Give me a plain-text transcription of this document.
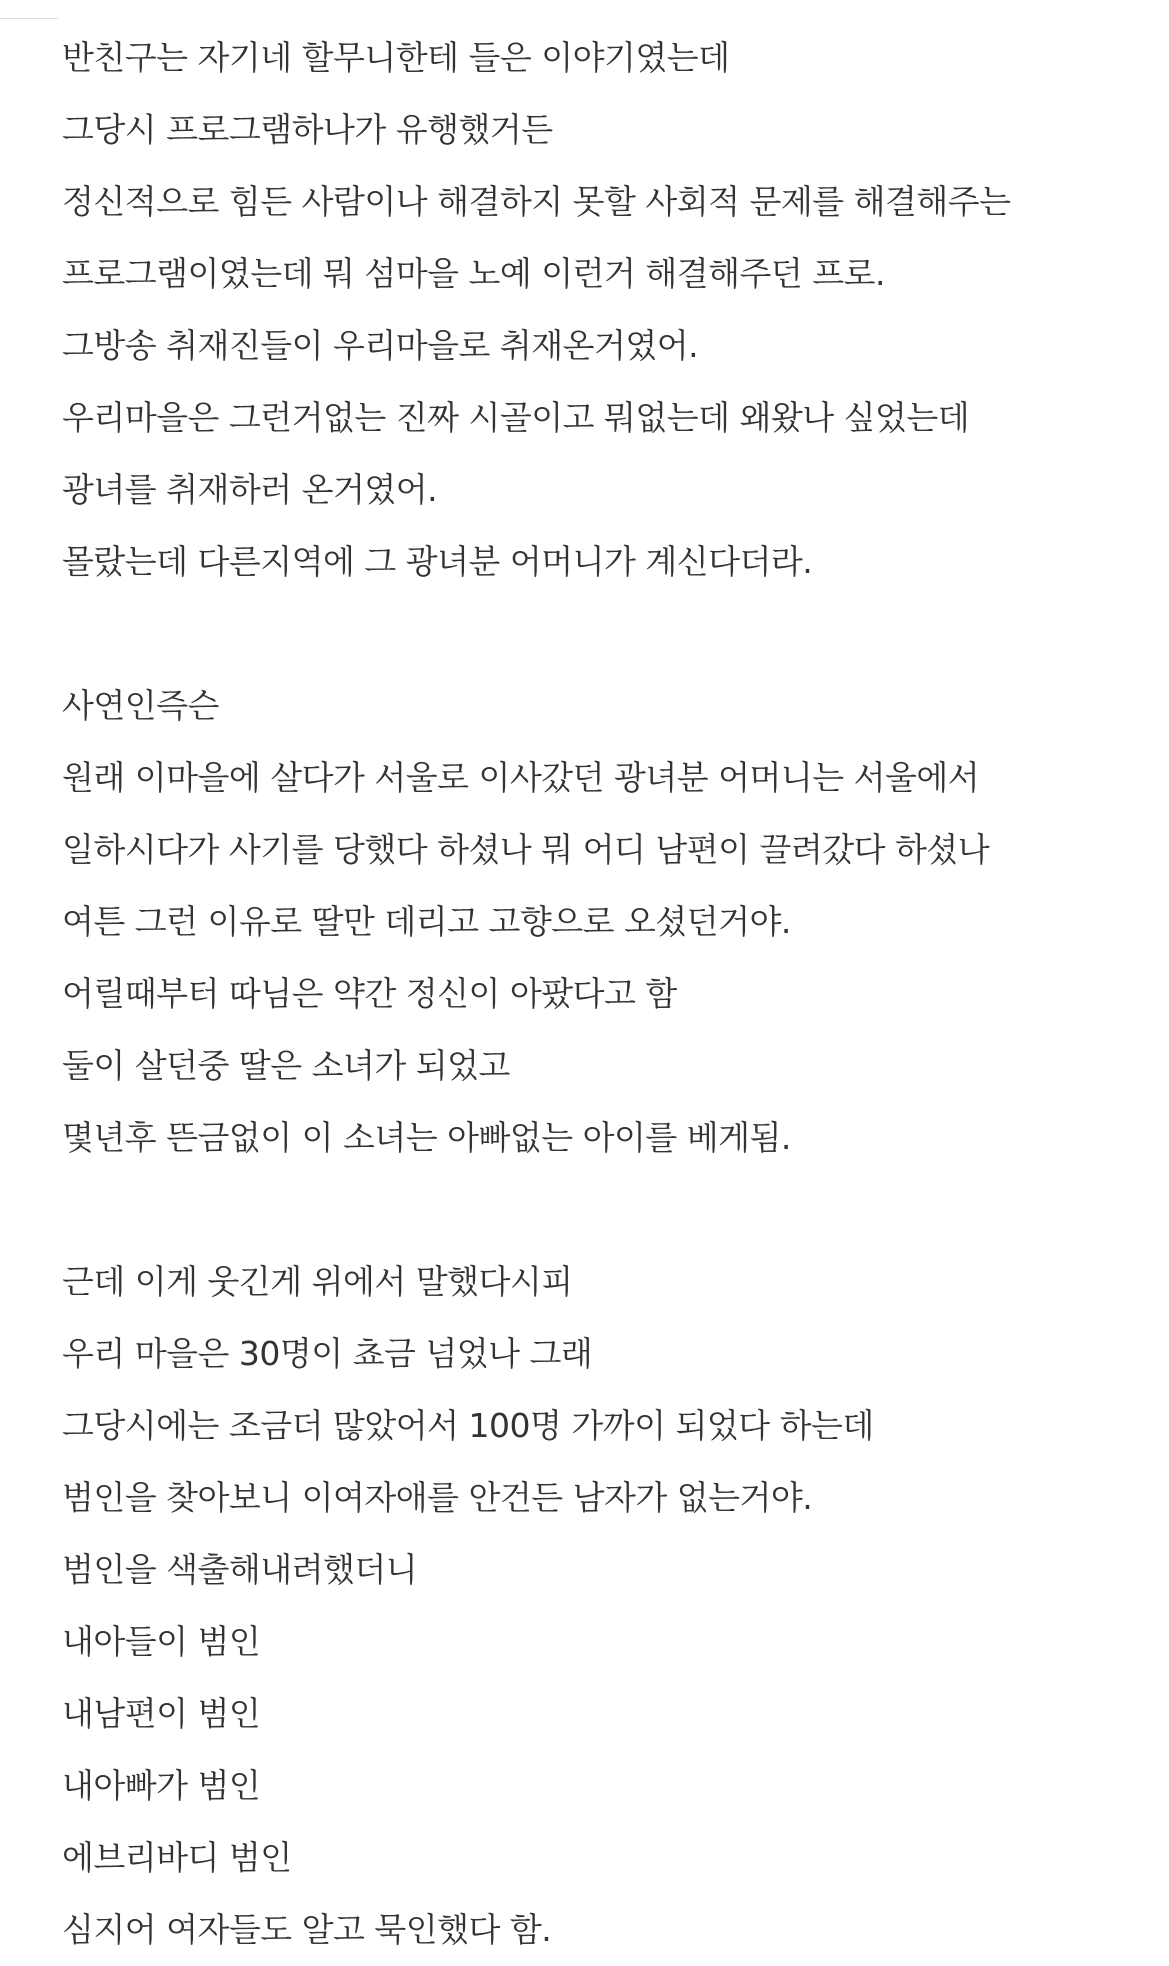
반친구는 자기네 할무니한테 들은 이야기였는데
그당시 프로그램하나가 유행했거든
정신적으로 힘든 사람이나 해결하지 못할 사회적 문제를 해결해주는
프로그램이였는데 뭐 섬마을 노예 이런거 해결해주던 프로.
그방송 취재진들이 우리마을로 취재온거였어.
우리마을은 그런거없는 진짜 시골이고 뭐없는데 왜왔나 싶었는데
광녀를 취재하러 온거였어.
몰랐는데 다른지역에 그 광녀분 어머니가 계신다더라.
사연인즉슨
원래 이마을에 살다가 서울로 이사갔던 광녀분 어머니는 서울에서
일하시다가 사기를 당했다 하셨나 뭐 어디 남편이 끌려갔다 하셨나
여튼 그런 이유로 딸만 데리고 고향으로 오셨던거야.
어릴때부터 따님은 약간 정신이 아팠다고 함
둘이 살던중 딸은 소녀가 되었고
몇년후 뜬금없이 이 소녀는 아빠없는 아이를 베게됨.
근데 이게 웃긴게 위에서 말했다시피
우리 마을은 30명이 쵸금 넘었나 그래
그당시에는 조금더 많았어서 100명 가까이 되었다 하는데
범인을 찾아보니 이여자애를 안건든 남자가 없는거야.
범인을 색출해내려했더니
내아들이 범인
내남편이 범인
내아빠가 범인
에브리바디 범인
심지어 여자들도 알고 묵인했다 함.
